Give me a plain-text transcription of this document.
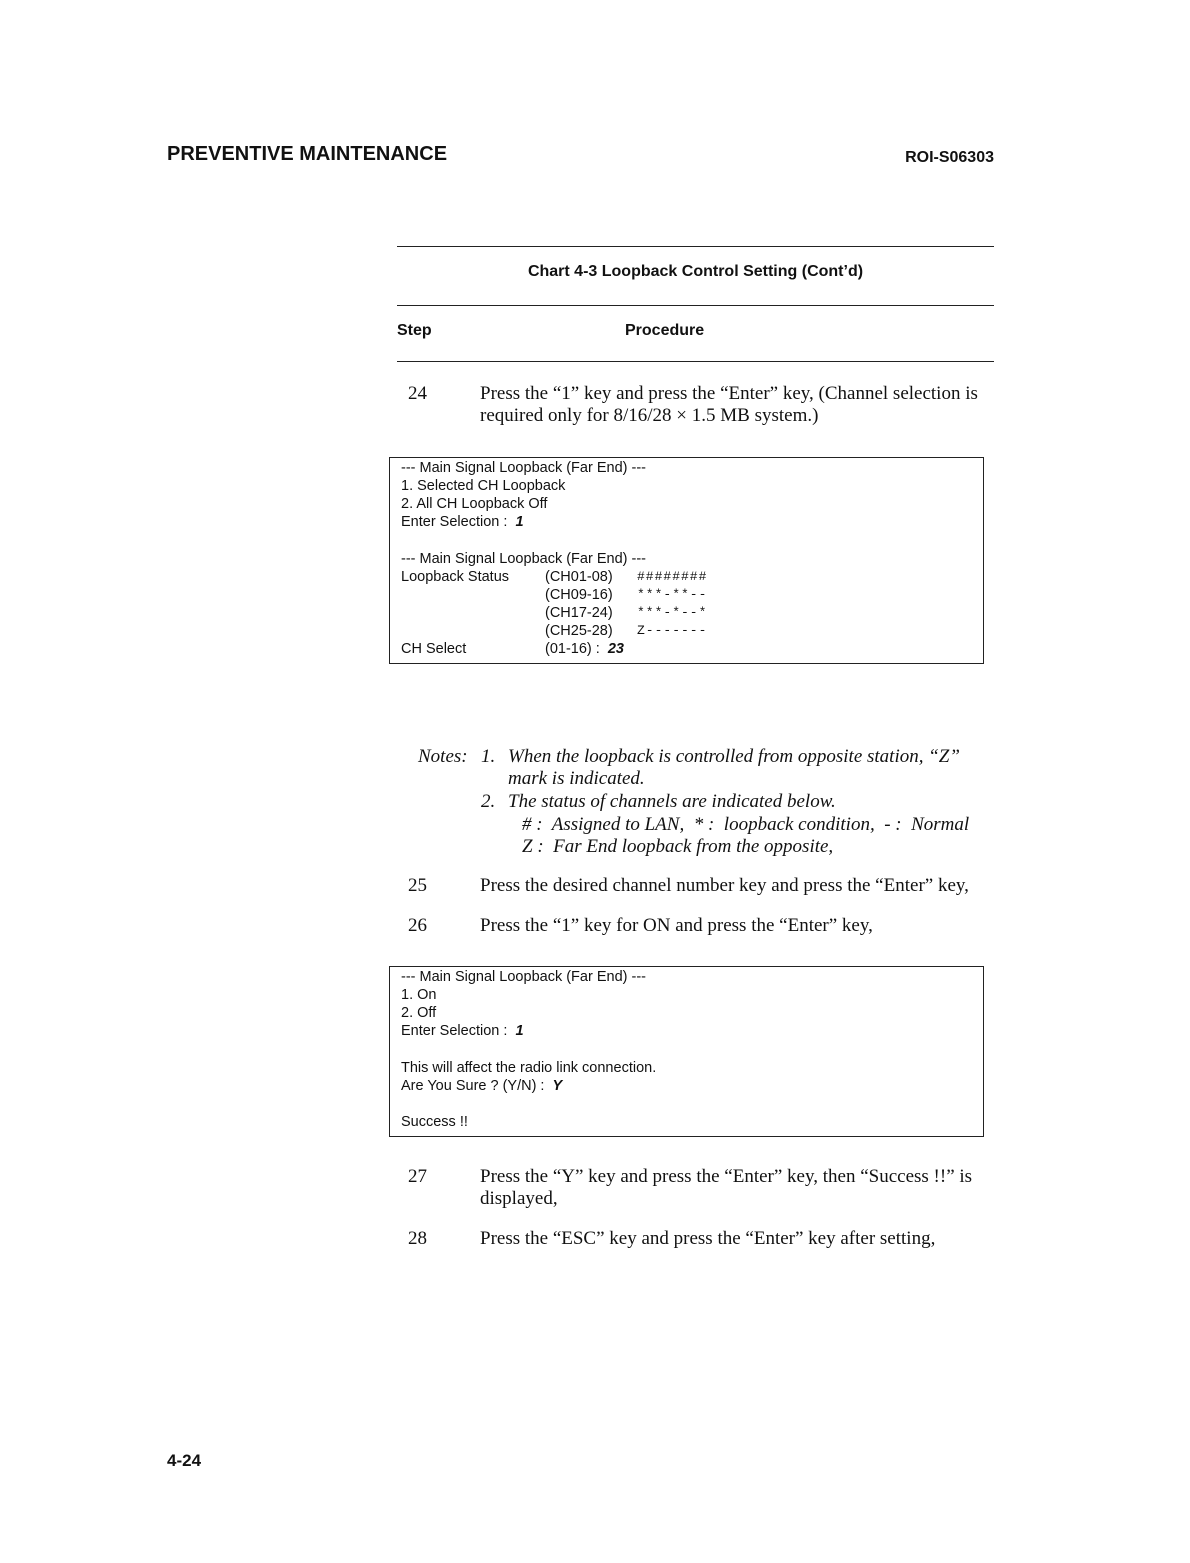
PREVENTIVE MAINTENANCE	ROI-S06303
Chart 4-3 Loopback Control Setting (Cont’d)
Step	Procedure
24	Press the “1” key and press the “Enter” key, (Channel selection is required only for 8/16/28 × 1.5 MB system.)
--- Main Signal Loopback (Far End) ---
1. Selected CH Loopback
2. All CH Loopback Off
Enter Selection : 1
--- Main Signal Loopback (Far End) ---
Loopback Status (CH01-08) ########
(CH09-16) ***-**--
(CH17-24) ***-*--*
(CH25-28) Z-------
CH Select	(01-16) : 23
Notes: 1. When the loopback is controlled from opposite station, “Z”
mark is indicated.
2. The status of channels are indicated below.
# :  Assigned to LAN,  * :  loopback condition,  - :  Normal
Z :  Far End loopback from the opposite,
25	Press the desired channel number key and press the “Enter” key,
26	Press the “1” key for ON and press the “Enter” key,
--- Main Signal Loopback (Far End) ---
1. On
2. Off
Enter Selection : 1
This will affect the radio link connection.
Are You Sure ? (Y/N) : Y
Success !!
27	Press the “Y” key and press the “Enter” key, then “Success !!” is displayed,
28	Press the “ESC” key and press the “Enter” key after setting,
4-24
